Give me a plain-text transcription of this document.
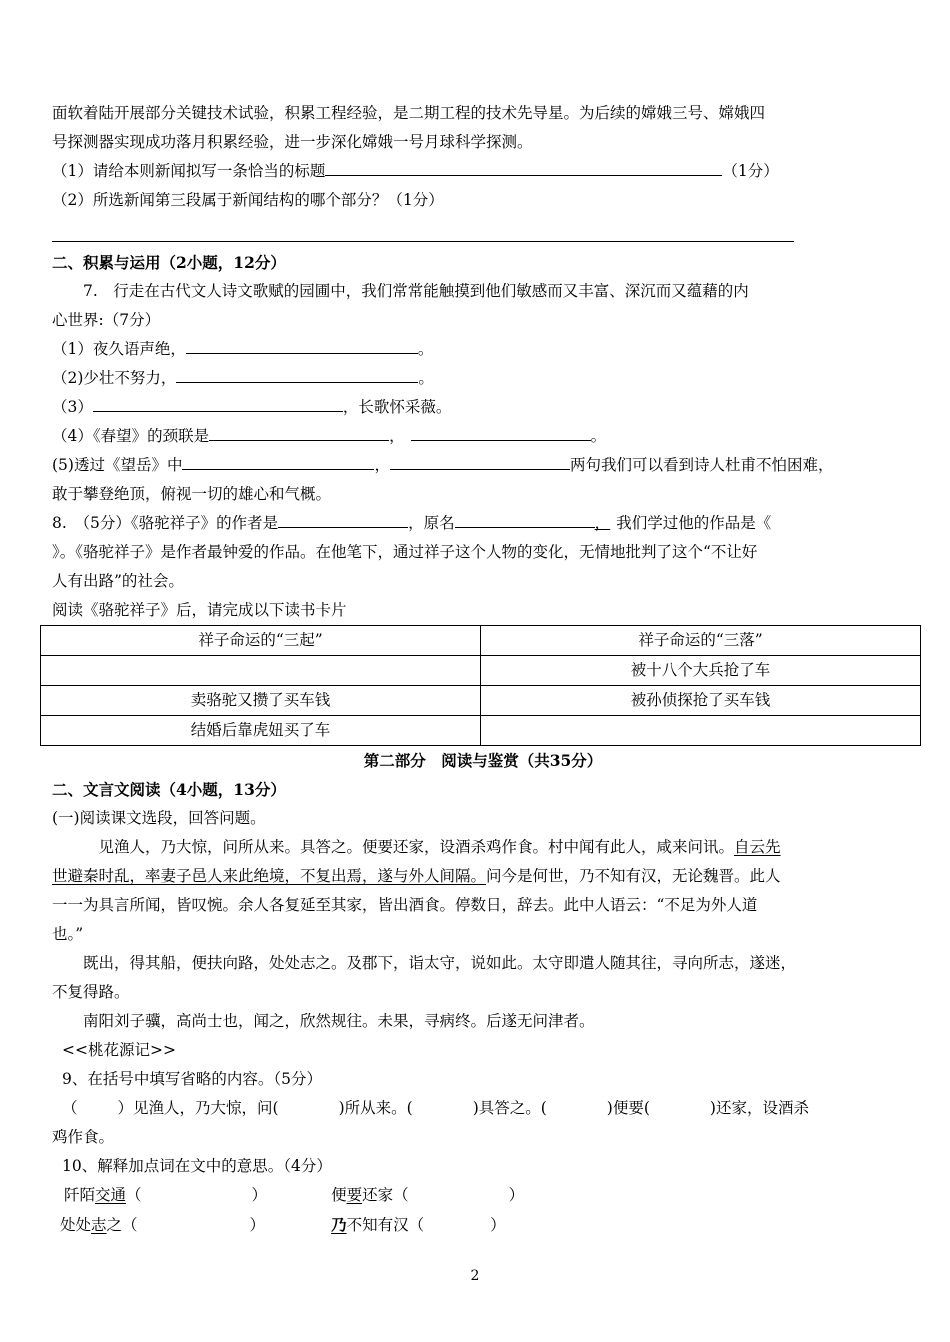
面软着陆开展部分关键技术试验，积累工程经验，是二期工程的技术先导星。为后续的嫦娥三号、嫦娥四

号探测器实现成功落月积累经验，进一步深化嫦娥一号月球科学探测。

（1）请给本则新闻拟写一条恰当的标题	（1分）

（2）所选新闻第三段属于新闻结构的哪个部分？（1分）

二、积累与运用（2小题，12分）

7.　行走在古代文人诗文歌赋的园圃中，我们常常能触摸到他们敏感而又丰富、深沉而又蕴藉的内

心世界:（7分）

（1）夜久语声绝，	。

（2)少壮不努力，	。

（3）	，长歌怀采薇。

（4）《春望》的颈联是	，	。

(5)透过《望岳》中	，	两句我们可以看到诗人杜甫不怕困难，

敢于攀登绝顶，俯视一切的雄心和气概。

8.　（5分）《骆驼祥子》的作者是	，原名	， 我们学过他的作品是《

》。《骆驼祥子》是作者最钟爱的作品。在他笔下，通过祥子这个人物的变化，无情地批判了这个“不让好

人有出路”的社会。

阅读《骆驼祥子》后，请完成以下读书卡片

祥子命运的“三起”	祥子命运的“三落”
	被十八个大兵抢了车
卖骆驼又攒了买车钱	被孙侦探抢了买车钱
结婚后靠虎妞买了车	

第二部分　阅读与鉴赏（共35分）

二、文言文阅读（4小题，13分）

(一)阅读课文选段，回答问题。

见渔人，乃大惊，问所从来。具答之。便要还家，设酒杀鸡作食。村中闻有此人，咸来问讯。自云先

世避秦时乱，率妻子邑人来此绝境，不复出焉，遂与外人间隔。问今是何世，乃不知有汉，无论魏晋。此人

一一为具言所闻，皆叹惋。余人各复延至其家，皆出酒食。停数日，辞去。此中人语云：“不足为外人道

也。”

既出，得其船，便扶向路，处处志之。及郡下，诣太守，说如此。太守即遣人随其往，寻向所志，遂迷，

不复得路。

南阳刘子骥，高尚士也，闻之，欣然规往。未果，寻病终。后遂无问津者。

<<桃花源记>>

9、在括号中填写省略的内容。（5分）

（	）见渔人，乃大惊，问(	)所从来。(	)具答之。(	)便要(	)还家，设酒杀

鸡作食。

10、解释加点词在文中的意思。（4分）

阡陌交通（	）	便要还家（	）

处处志之（	）	乃不知有汉（	）

2
